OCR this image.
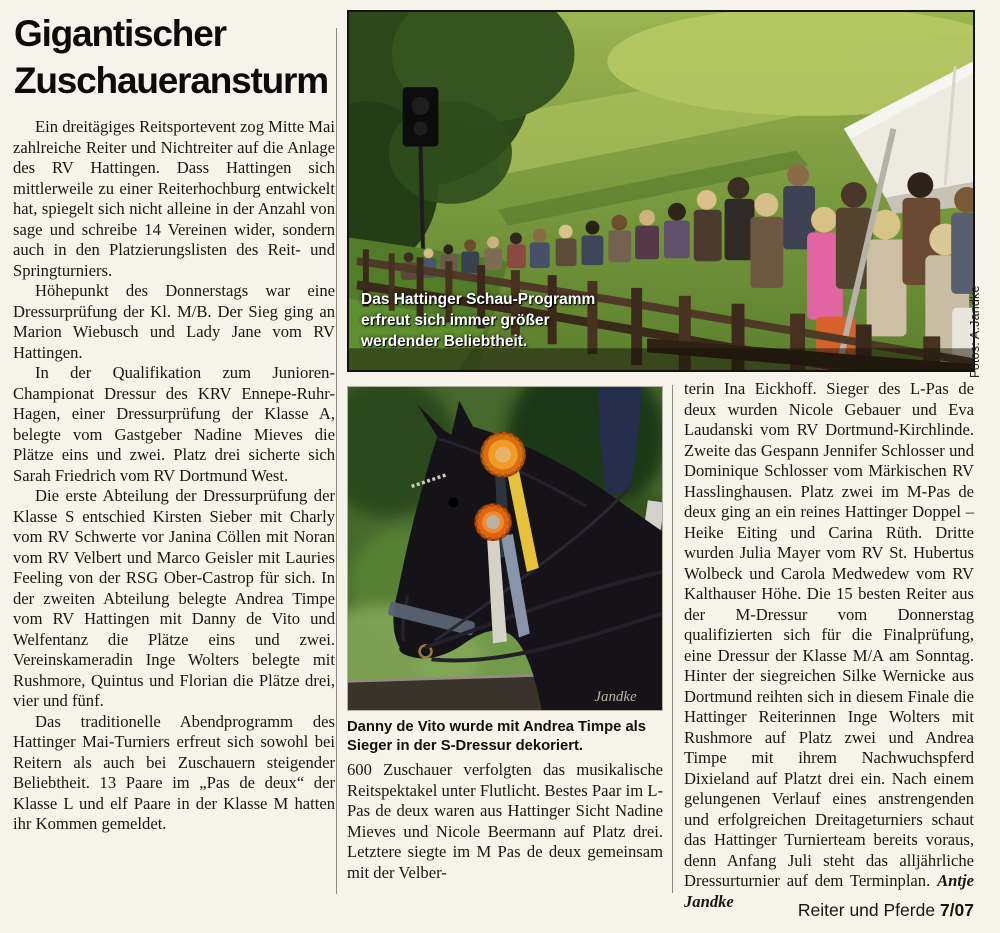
Gigantischer
Zuschaueransturm

Ein dreitägiges Reitsportevent zog Mitte Mai zahlreiche Reiter und Nichtreiter auf die Anlage des RV Hattingen. Dass Hattingen sich mittlerweile zu einer Reiterhochburg entwickelt hat, spiegelt sich nicht alleine in der Anzahl von sage und schreibe 14 Vereinen wider, sondern auch in den Platzierungslisten des Reit- und Springturniers.

Höhepunkt des Donnerstags war eine Dressurprüfung der Kl. M/B. Der Sieg ging an Marion Wiebusch und Lady Jane vom RV Hattingen.

In der Qualifikation zum Junioren-Championat Dressur des KRV Ennepe-Ruhr-Hagen, einer Dressurprüfung der Klasse A, belegte vom Gastgeber Nadine Mieves die Plätze eins und zwei. Platz drei sicherte sich Sarah Friedrich vom RV Dortmund West.

Die erste Abteilung der Dressurprüfung der Klasse S entschied Kirsten Sieber mit Charly vom RV Schwerte vor Janina Cöllen mit Noran vom RV Velbert und Marco Geisler mit Lauries Feeling von der RSG Ober-Castrop für sich. In der zweiten Abteilung belegte Andrea Timpe vom RV Hattingen mit Danny de Vito und Welfentanz die Plätze eins und zwei. Vereinskameradin Inge Wolters belegte mit Rushmore, Quintus und Florian die Plätze drei, vier und fünf.

Das traditionelle Abendprogramm des Hattinger Mai-Turniers erfreut sich sowohl bei Reitern als auch bei Zuschauern steigender Beliebtheit. 13 Paare im „Pas de deux“ der Klasse L und elf Paare in der Klasse M hatten ihr Kommen gemeldet.

Das Hattinger Schau-Programm
erfreut sich immer größer
werdender Beliebtheit.	Fotos: A.Jandke
Jandke
Danny de Vito wurde mit Andrea Timpe als Sieger in der S-Dressur dekoriert.

600 Zuschauer verfolgten das musikalische Reitspektakel unter Flutlicht. Bestes Paar im L-Pas de deux waren aus Hattinger Sicht Nadine Mieves und Nicole Beermann auf Platz drei. Letztere siegte im M Pas de deux gemeinsam mit der Velber-

terin Ina Eickhoff. Sieger des L-Pas de deux wurden Nicole Gebauer und Eva Laudanski vom RV Dortmund-Kirchlinde. Zweite das Gespann Jennifer Schlosser und Dominique Schlosser vom Märkischen RV Hasslinghausen. Platz zwei im M-Pas de deux ging an ein reines Hattinger Doppel – Heike Eiting und Carina Rüth. Dritte wurden Julia Mayer vom RV St. Hubertus Wolbeck und Carola Medwedew vom RV Kalthauser Höhe. Die 15 besten Reiter aus der M-Dressur vom Donnerstag qualifizierten sich für die Finalprüfung, eine Dressur der Klasse M/A am Sonntag. Hinter der siegreichen Silke Wernicke aus Dortmund reihten sich in diesem Finale die Hattinger Reiterinnen Inge Wolters mit Rushmore auf Platz zwei und Andrea Timpe mit ihrem Nachwuchspferd Dixieland auf Platzt drei ein. Nach einem gelungenen Verlauf eines anstrengenden und erfolgreichen Dreitageturniers schaut das Hattinger Turnierteam bereits voraus, denn Anfang Juli steht das alljährliche Dressurturnier auf dem Terminplan. Antje Jandke	Reiter und Pferde 7/07
